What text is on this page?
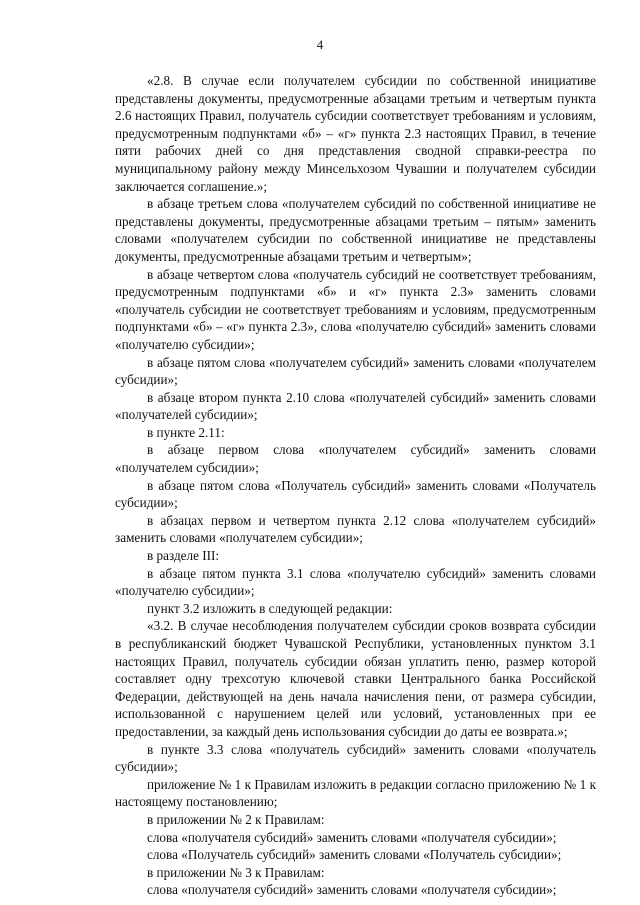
4

«2.8. В случае если получателем субсидии по собственной инициативе представлены документы, предусмотренные абзацами третьим и четвертым пункта 2.6 настоящих Правил, получатель субсидии соответствует требованиям и условиям, предусмотренным подпунктами «б» – «г» пункта 2.3 настоящих Правил, в течение пяти рабочих дней со дня представления сводной справки-реестра по муниципальному району между Минсельхозом Чувашии и получателем субсидии заключается соглашение.»;

в абзаце третьем слова «получателем субсидий по собственной инициативе не представлены документы, предусмотренные абзацами третьим – пятым» заменить словами «получателем субсидии по собственной инициативе не представлены документы, предусмотренные абзацами третьим и четвертым»;

в абзаце четвертом слова «получатель субсидий не соответствует требованиям, предусмотренным подпунктами «б» и «г» пункта 2.3» заменить словами «получатель субсидии не соответствует требованиям и условиям, предусмотренным подпунктами «б» – «г» пункта 2.3», слова «получателю субсидий» заменить словами «получателю субсидии»;

в абзаце пятом слова «получателем субсидий» заменить словами «получателем субсидии»;

в абзаце втором пункта 2.10 слова «получателей субсидий» заменить словами «получателей субсидии»;

в пункте 2.11:

в абзаце первом слова «получателем субсидий» заменить словами «получателем субсидии»;

в абзаце пятом слова «Получатель субсидий» заменить словами «Получатель субсидии»;

в абзацах первом и четвертом пункта 2.12 слова «получателем субсидий» заменить словами «получателем субсидии»;

в разделе III:

в абзаце пятом пункта 3.1 слова «получателю субсидий» заменить словами «получателю субсидии»;

пункт 3.2 изложить в следующей редакции:

«3.2. В случае несоблюдения получателем субсидии сроков возврата субсидии в республиканский бюджет Чувашской Республики, установленных пунктом 3.1 настоящих Правил, получатель субсидии обязан уплатить пеню, размер которой составляет одну трехсотую ключевой ставки Центрального банка Российской Федерации, действующей на день начала начисления пени, от размера субсидии, использованной с нарушением целей или условий, установленных при ее предоставлении, за каждый день использования субсидии до даты ее возврата.»;

в пункте 3.3 слова «получатель субсидий» заменить словами «получатель субсидии»;

приложение № 1 к Правилам изложить в редакции согласно приложению № 1 к настоящему постановлению;

в приложении № 2 к Правилам:

слова «получателя субсидий» заменить словами «получателя субсидии»;

слова «Получатель субсидий» заменить словами «Получатель субсидии»;

в приложении № 3 к Правилам:

слова «получателя субсидий» заменить словами «получателя субсидии»;
